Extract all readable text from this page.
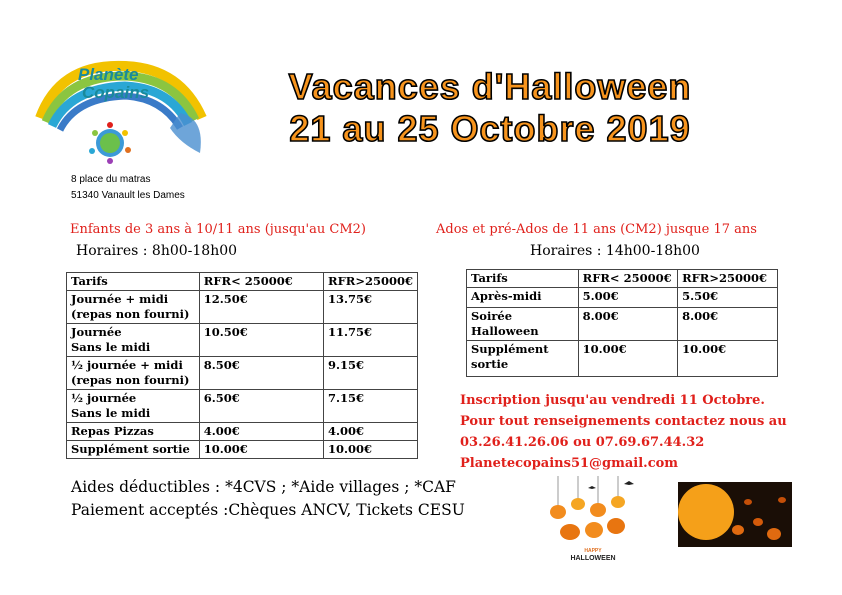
Planète
Copains
8 place du matras
51340 Vanault les Dames
Vacances d'Halloween
21 au 25 Octobre 2019
Enfants de 3 ans à 10/11 ans (jusqu'au CM2)
Horaires : 8h00-18h00
Tarifs	RFR< 25000€	RFR>25000€

Journée + midi
(repas non fourni)	12.50€	13.75€

Journée
Sans le midi	10.50€	11.75€

½ journée + midi
(repas non fourni)	8.50€	9.15€

½ journée
Sans le midi	6.50€	7.15€
Repas Pizzas	4.00€	4.00€
Supplément sortie	10.00€	10.00€
Ados et pré-Ados de 11 ans (CM2) jusque 17 ans
Horaires : 14h00-18h00
Tarifs	RFR< 25000€	RFR>25000€
Après-midi	5.00€	5.50€
Soirée Halloween	8.00€	8.00€

Supplément
sortie	10.00€	10.00€
Inscription jusqu'au vendredi 11 Octobre.
Pour tout renseignements contactez nous au
03.26.41.26.06 ou 07.69.67.44.32
Planetecopains51@gmail.com
Aides déductibles : *4CVS ; *Aide villages ; *CAF
Paiement acceptés :Chèques ANCV, Tickets CESU
HAPPY
HALLOWEEN
